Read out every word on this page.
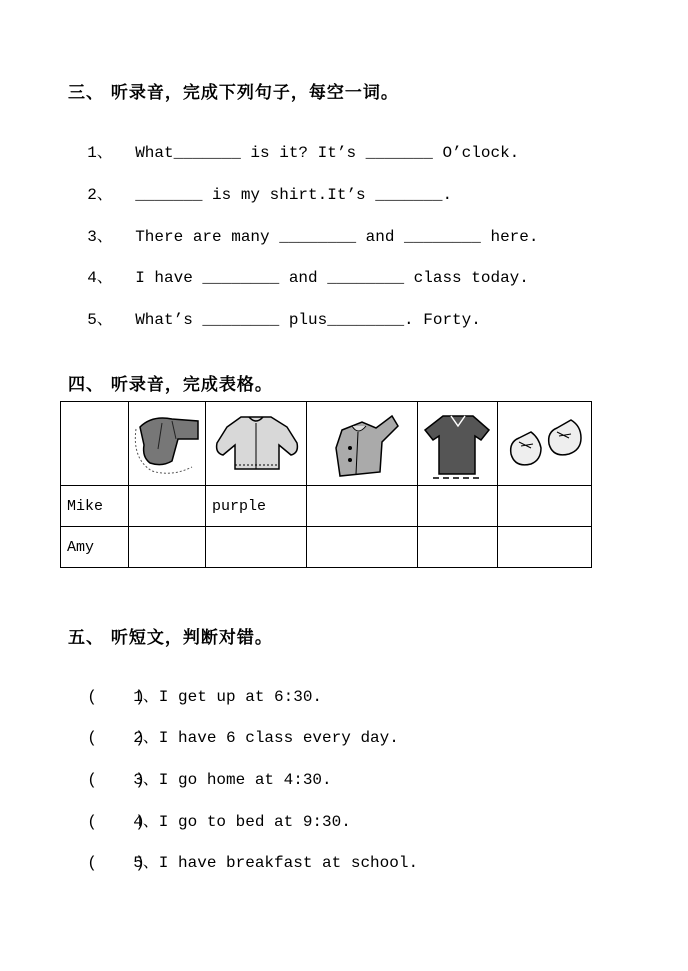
三、 听录音，完成下列句子，每空一词。

1、 What_______ is it? It’s _______ O’clock.

2、 _______ is my shirt.It’s _______.

3、 There are many ________ and ________ here.

4、 I have ________ and ________ class today.

5、 What’s ________ plus________. Forty.

四、 听录音，完成表格。

Mike		purple			
Amy					
五、 听短文，判断对错。

(    )1、I get up at 6:30.

(    )2、I have 6 class every day.

(    )3、I go home at 4:30.

(    )4、I go to bed at 9:30.

(    )5、I have breakfast at school.
